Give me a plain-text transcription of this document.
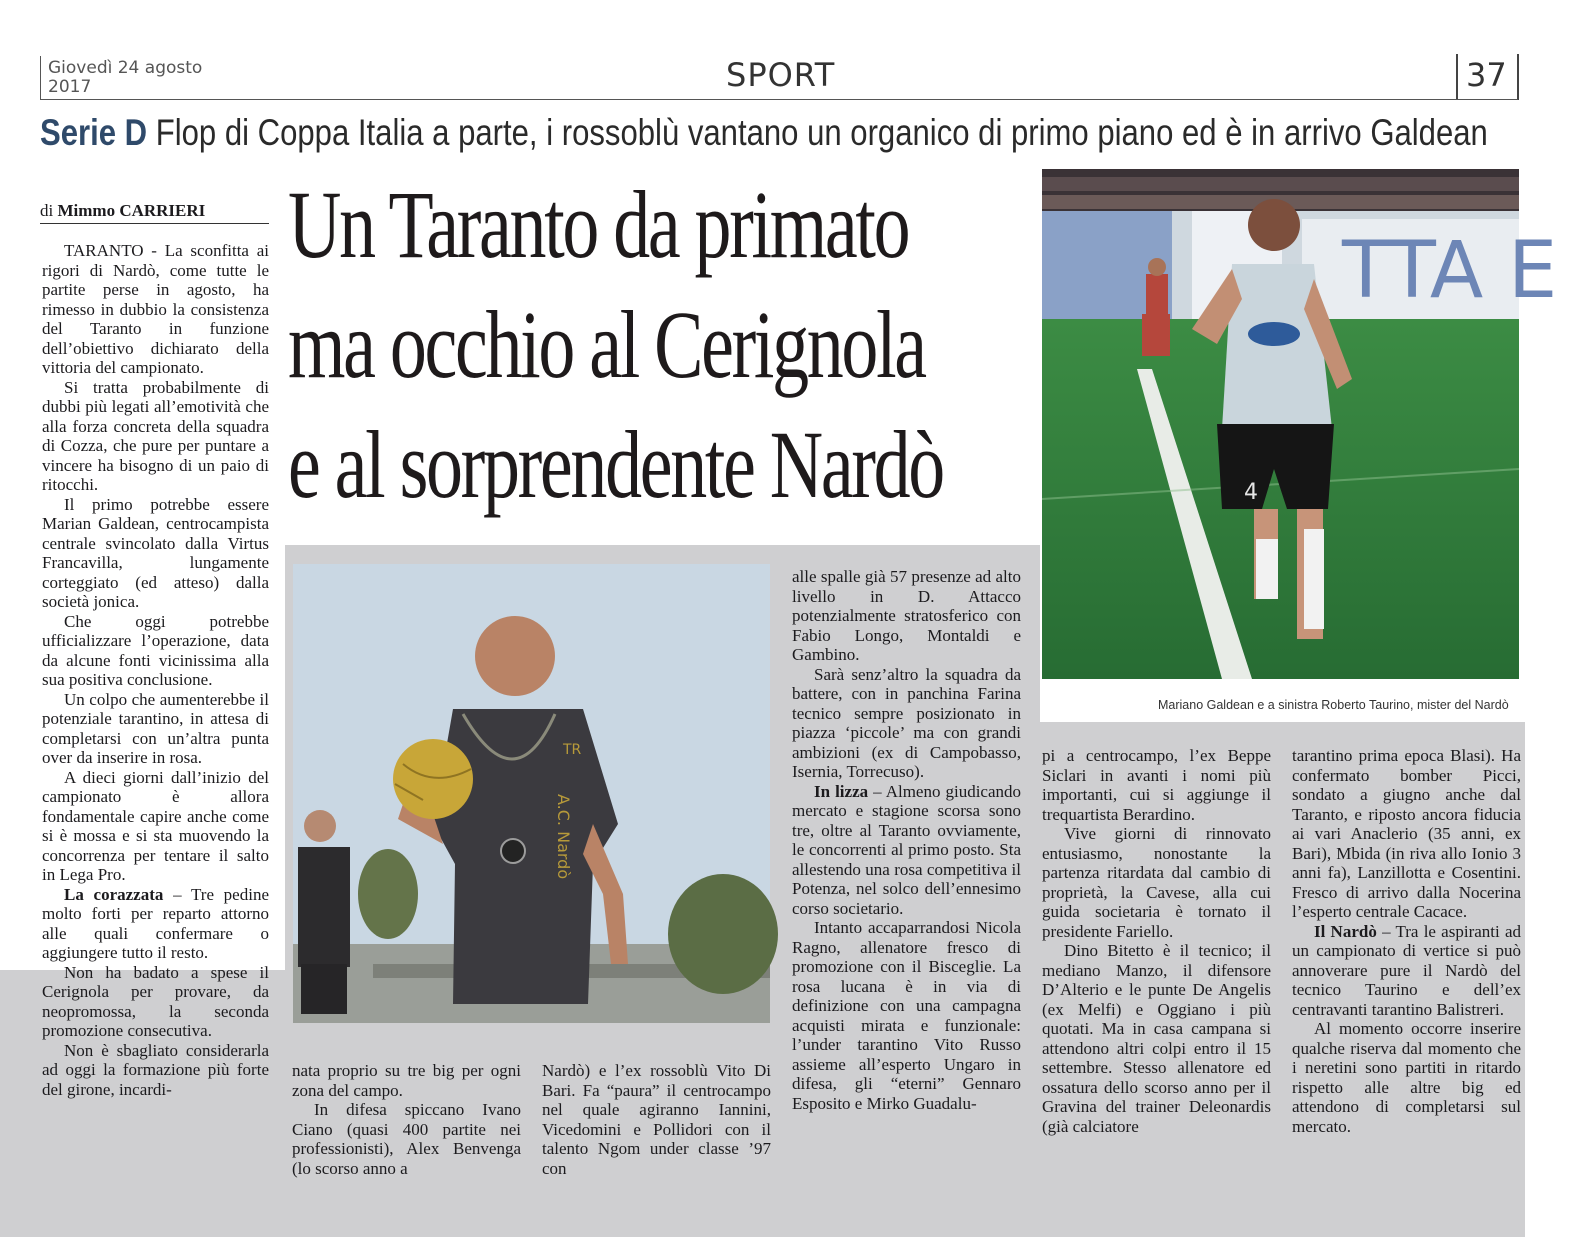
Giovedì 24 agosto
2017	SPORT	37
Serie D Flop di Coppa Italia a parte, i rossoblù vantano un organico di primo piano ed è in arrivo Galdean
di Mimmo CARRIERI Un Taranto da primato
ma occhio al Cerignola
e al sorprendente Nardò
TTA E
4
Mariano Galdean e a sinistra Roberto Taurino, mister del Nardò
A.C. Nardò
TR

TARANTO - La sconfitta ai rigori di Nardò, come tutte le partite perse in agosto, ha rimesso in dubbio la consistenza del Taranto in funzione dell’obiettivo dichiarato della vittoria del campionato.

Si tratta probabilmente di dubbi più legati all’emotività che alla forza concreta della squadra di Cozza, che pure per puntare a vincere ha bisogno di un paio di ritocchi.

Il primo potrebbe essere Marian Galdean, centrocampista centrale svincolato dalla Virtus Francavilla, lungamente corteggiato (ed atteso) dalla società jonica.

Che oggi potrebbe ufficializzare l’operazione, data da alcune fonti vicinissima alla sua positiva conclusione.

Un colpo che aumenterebbe il potenziale tarantino, in attesa di completarsi con un’altra punta over da inserire in rosa.

A dieci giorni dall’inizio del campionato è allora fondamentale capire anche come si è mossa e si sta muovendo la concorrenza per tentare il salto in Lega Pro.

La corazzata – Tre pedine molto forti per reparto attorno alle quali confermare o aggiungere tutto il resto.

Non ha badato a spese il Cerignola per provare, da neopromossa, la seconda promozione consecutiva.

Non è sbagliato considerarla ad oggi la formazione più forte del girone, incardi-

nata proprio su tre big per ogni zona del campo.

In difesa spiccano Ivano Ciano (quasi 400 partite nei professionisti), Alex Benvenga (lo scorso anno a

Nardò) e l’ex rossoblù Vito Di Bari. Fa “paura” il centrocampo nel quale agiranno Iannini, Vicedomini e Pollidori con il talento Ngom under classe ’97 con

alle spalle già 57 presenze ad alto livello in D. Attacco potenzialmente stratosferico con Fabio Longo, Montaldi e Gambino.

Sarà senz’altro la squadra da battere, con in panchina Farina tecnico sempre posizionato in piazza ‘piccole’ ma con grandi ambizioni (ex di Campobasso, Isernia, Torrecuso).

In lizza – Almeno giudicando mercato e stagione scorsa sono tre, oltre al Taranto ovviamente, le concorrenti al primo posto. Sta allestendo una rosa competitiva il Potenza, nel solco dell’ennesimo corso societario.

Intanto accaparrandosi Nicola Ragno, allenatore fresco di promozione con il Bisceglie. La rosa lucana è in via di definizione con una campagna acquisti mirata e funzionale: l’under tarantino Vito Russo assieme all’esperto Ungaro in difesa, gli “eterni” Gennaro Esposito e Mirko Guadalu-

pi a centrocampo, l’ex Beppe Siclari in avanti i nomi più importanti, cui si aggiunge il trequartista Berardino.

Vive giorni di rinnovato entusiasmo, nonostante la partenza ritardata dal cambio di proprietà, la Cavese, alla cui guida societaria è tornato il presidente Fariello.

Dino Bitetto è il tecnico; il mediano Manzo, il difensore D’Alterio e le punte De Angelis (ex Melfi) e Oggiano i più quotati. Ma in casa campana si attendono altri colpi entro il 15 settembre. Stesso allenatore ed ossatura dello scorso anno per il Gravina del trainer Deleonardis (già calciatore

tarantino prima epoca Blasi). Ha confermato bomber Picci, sondato a giugno anche dal Taranto, e riposto ancora fiducia ai vari Anaclerio (35 anni, ex Bari), Mbida (in riva allo Ionio 3 anni fa), Lanzillotta e Cosentini. Fresco di arrivo dalla Nocerina l’esperto centrale Cacace.

Il Nardò – Tra le aspiranti ad un campionato di vertice si può annoverare pure il Nardò del tecnico Taurino e dell’ex centravanti tarantino Balistreri.

Al momento occorre inserire qualche riserva dal momento che i neretini sono partiti in ritardo rispetto alle altre big ed attendono di completarsi sul mercato.
